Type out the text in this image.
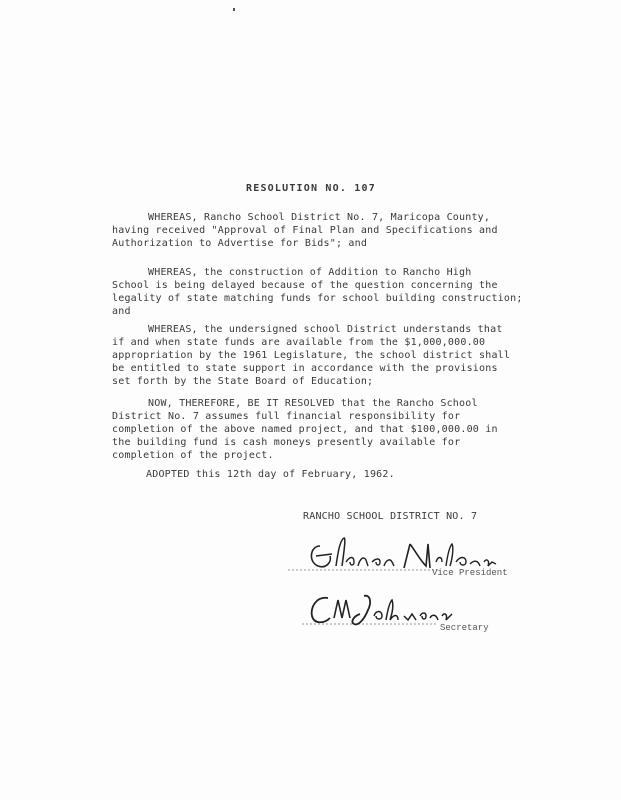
RESOLUTION NO. 107
WHEREAS, Rancho School District No. 7, Maricopa County,
having received "Approval of Final Plan and Specifications and
Authorization to Advertise for Bids"; and
WHEREAS, the construction of Addition to Rancho High
School is being delayed because of the question concerning the
legality of state matching funds for school building construction;
and
WHEREAS, the undersigned school District understands that
if and when state funds are available from the $1,000,000.00
appropriation by the 1961 Legislature, the school district shall
be entitled to state support in accordance with the provisions
set forth by the State Board of Education;
NOW, THEREFORE, BE IT RESOLVED that the Rancho School
District No. 7 assumes full financial responsibility for
completion of the above named project, and that $100,000.00 in
the building fund is cash moneys presently available for
completion of the project.
ADOPTED this 12th day of February, 1962.
RANCHO SCHOOL DISTRICT NO. 7
Vice President
Secretary
